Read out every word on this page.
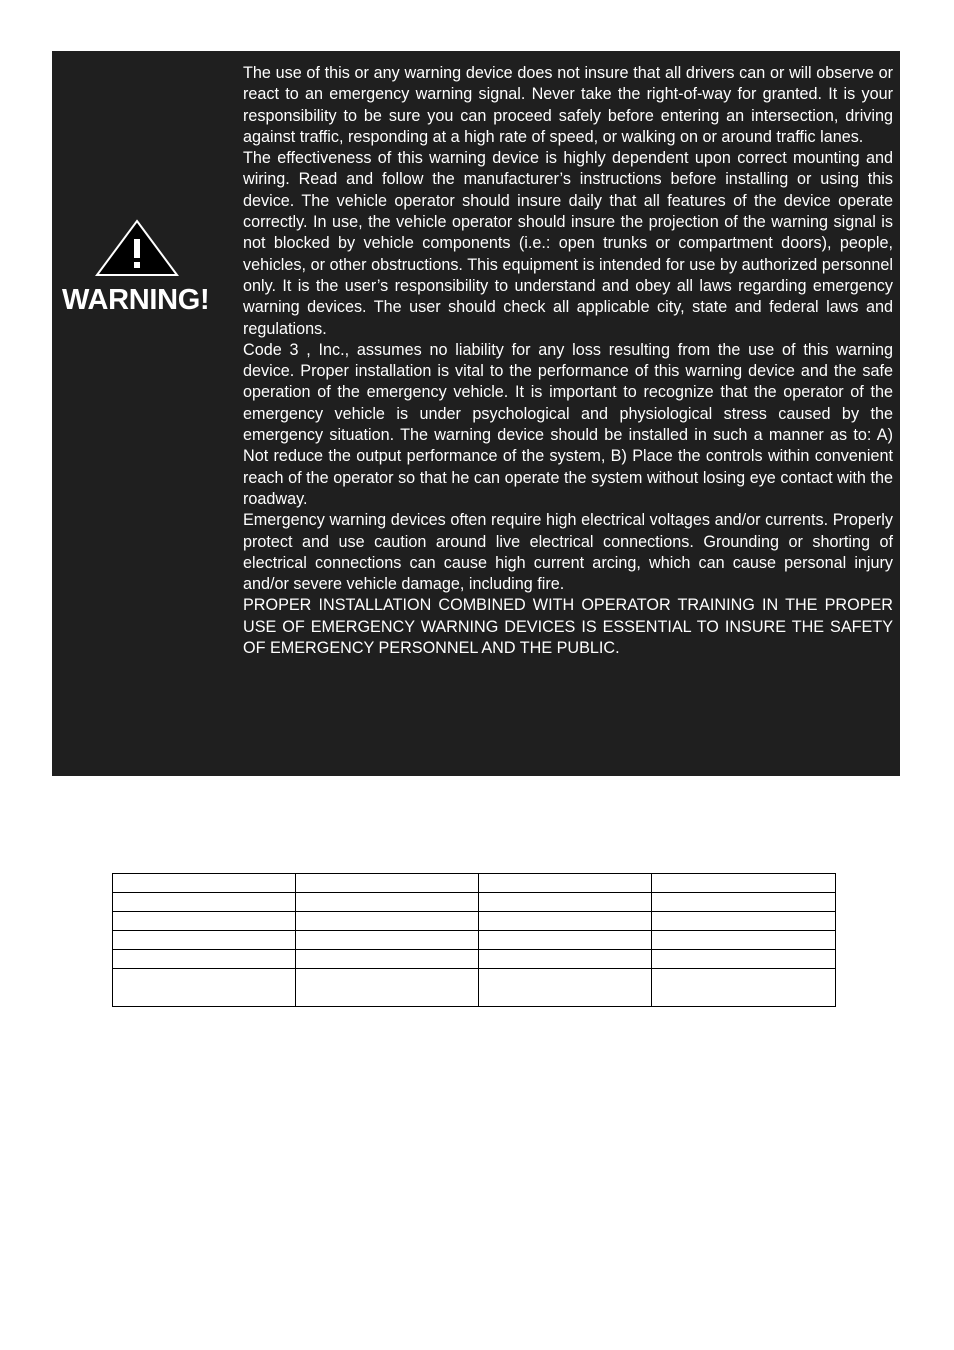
WARNING!

The use of this or any warning device does not insure that all drivers can or will observe or react to an emergency warning signal. Never take the right-of-way for granted. It is your responsibility to be sure you can proceed safely before entering an intersection, driving against traffic, responding at a high rate of speed, or walking on or around traffic lanes.

The effectiveness of this warning device is highly dependent upon correct mounting and wiring. Read and follow the manufacturer’s instructions before installing or using this device. The vehicle operator should insure daily that all features of the device operate correctly. In use, the vehicle operator should insure the projection of the warning signal is not blocked by vehicle components (i.e.: open trunks or compartment doors), people, vehicles, or other obstructions. This equipment is intended for use by authorized personnel only. It is the user’s responsibility to understand and obey all laws regarding emergency warning devices. The user should check all applicable city, state and federal laws and regulations.

Code 3 , Inc., assumes no liability for any loss resulting from the use of this warning device. Proper installation is vital to the performance of this warning device and the safe operation of the emergency vehicle. It is important to recognize that the operator of the emergency vehicle is under psychological and physiological stress caused by the emergency situation. The warning device should be installed in such a manner as to: A) Not reduce the output performance of the system, B) Place the controls within convenient reach of the operator so that he can operate the system without losing eye contact with the roadway.

Emergency warning devices often require high electrical voltages and/or currents. Properly protect and use caution around live electrical connections. Grounding or shorting of electrical connections can cause high current arcing, which can cause personal injury and/or severe vehicle damage, including fire.

PROPER INSTALLATION COMBINED WITH OPERATOR TRAINING IN THE PROPER USE OF EMERGENCY WARNING DEVICES IS ESSENTIAL TO INSURE THE SAFETY OF EMERGENCY PERSONNEL AND THE PUBLIC.
